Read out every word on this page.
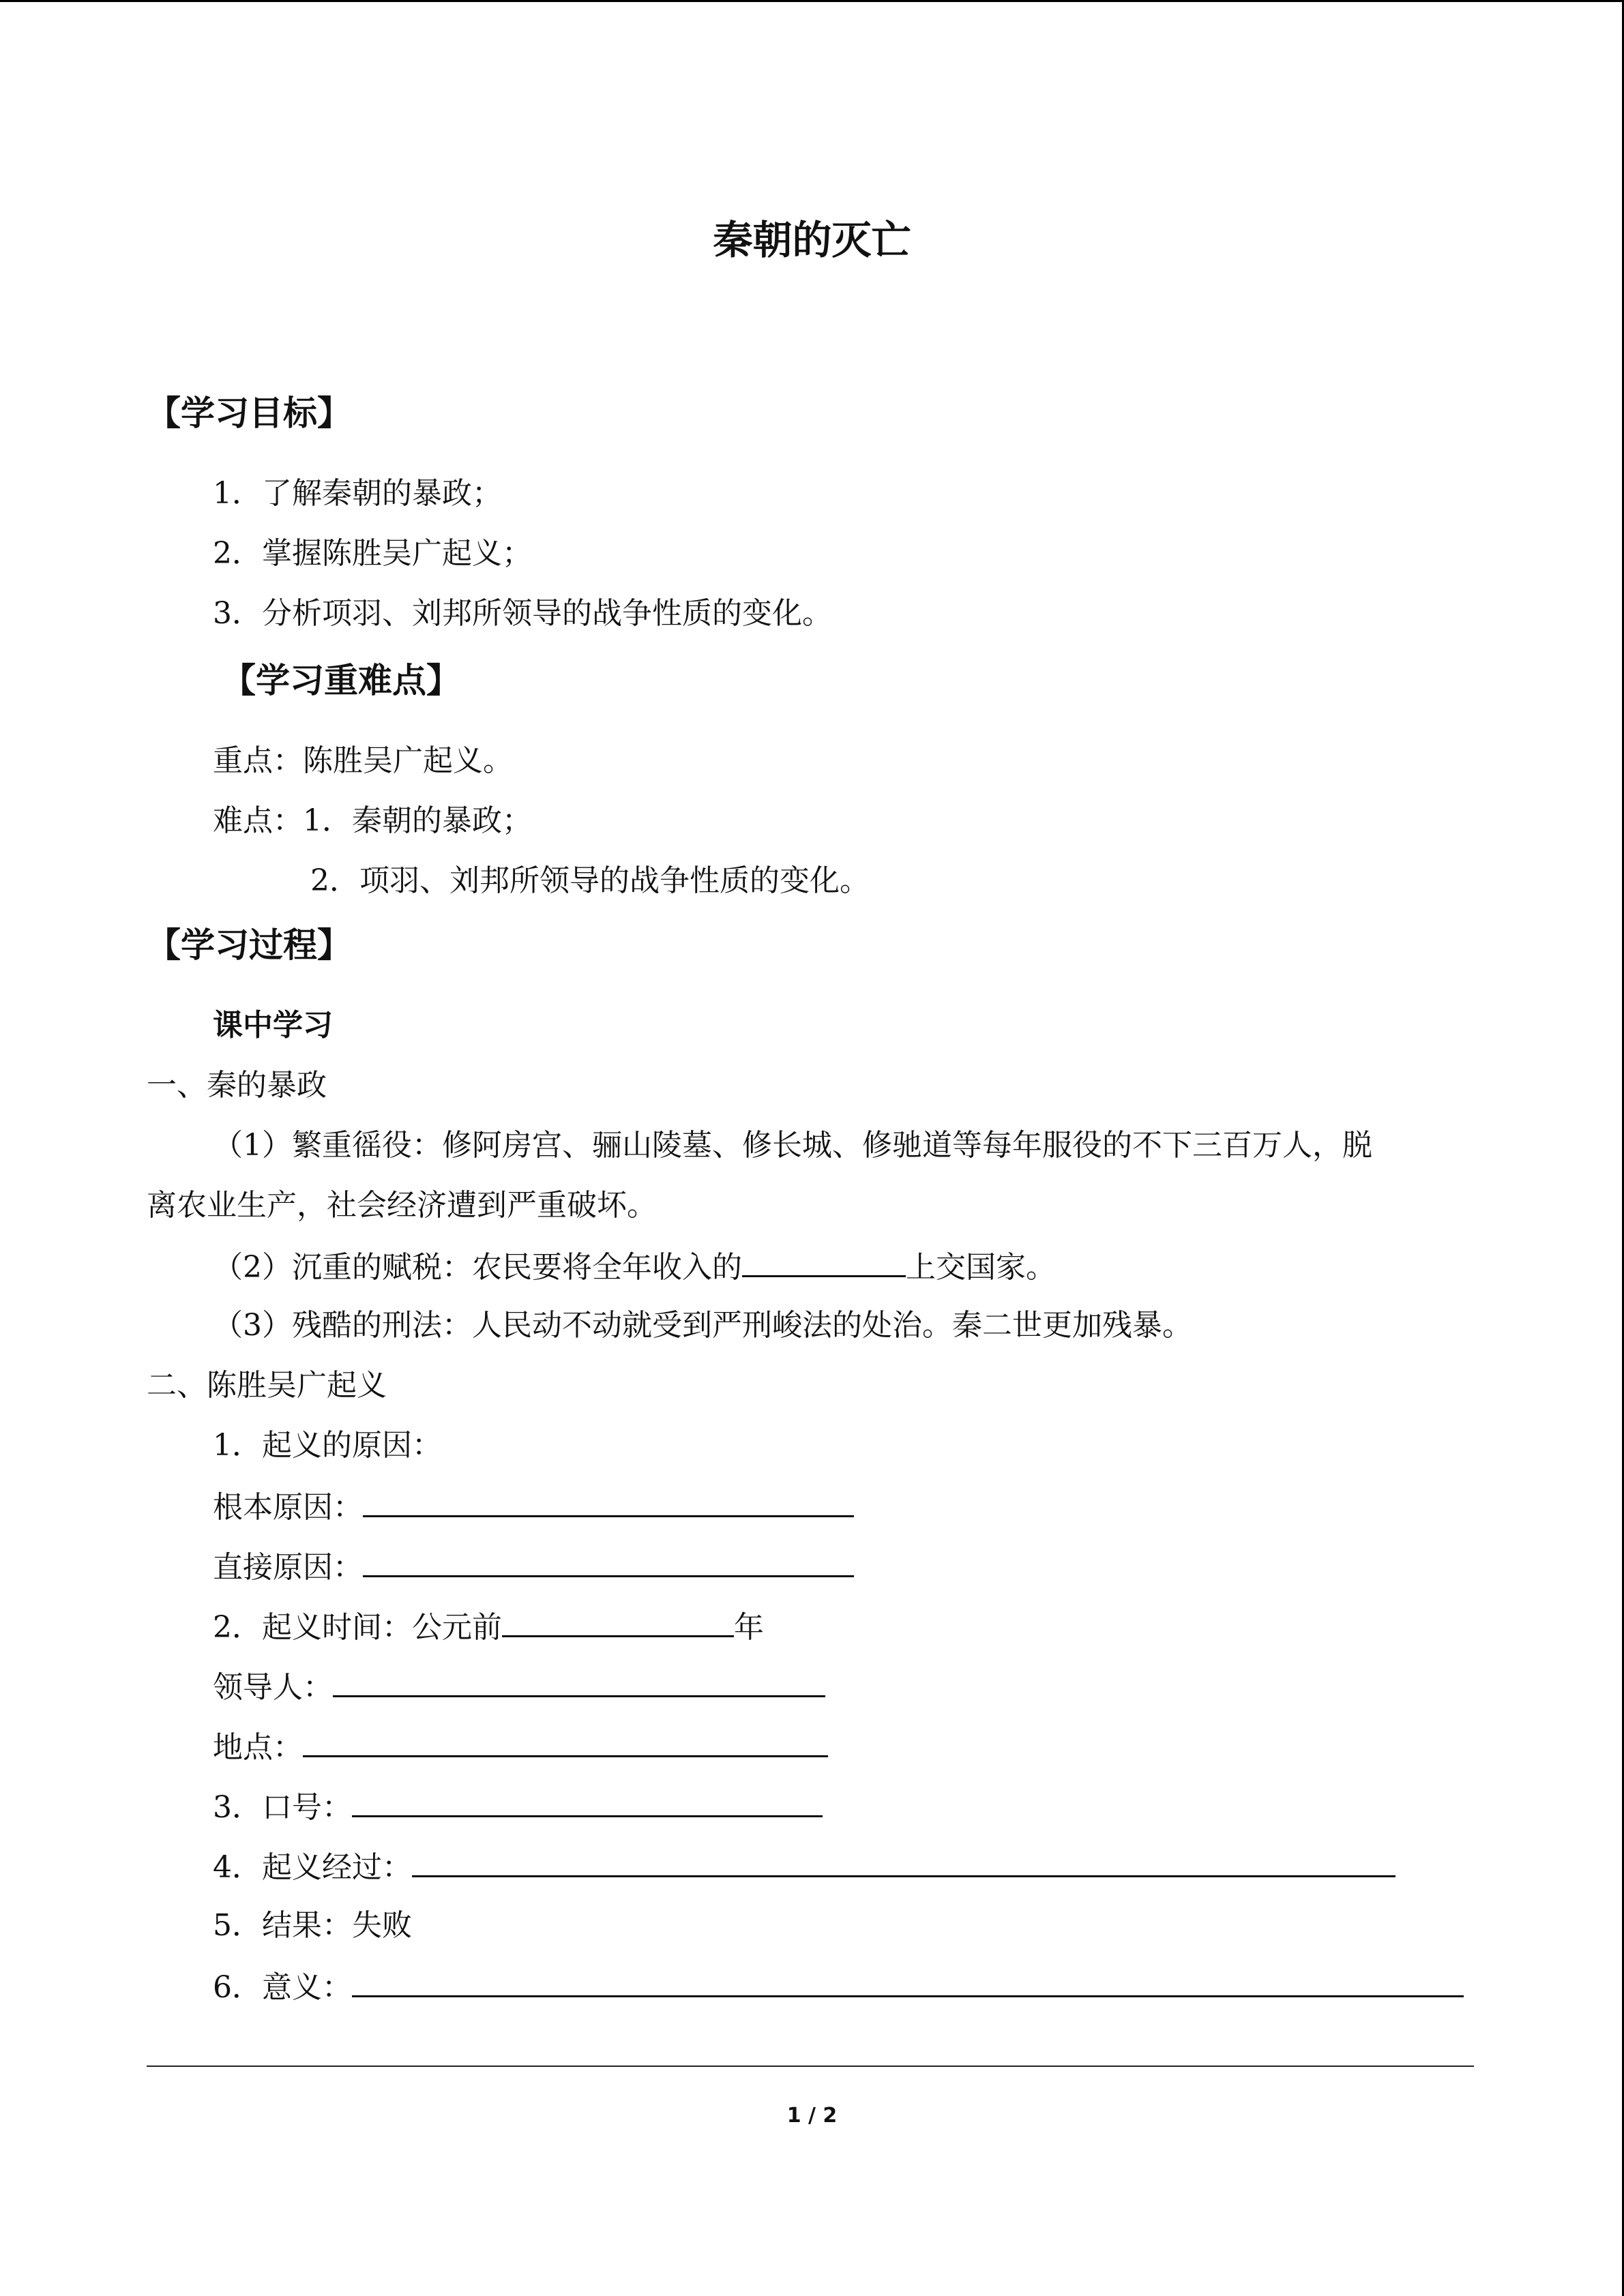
秦朝的灭亡
【学习目标】

1．了解秦朝的暴政；

2．掌握陈胜吴广起义；

3．分析项羽、刘邦所领导的战争性质的变化。

【学习重难点】

重点：陈胜吴广起义。

难点：1．秦朝的暴政；

2．项羽、刘邦所领导的战争性质的变化。

【学习过程】

课中学习

一、秦的暴政

（1）繁重徭役：修阿房宫、骊山陵墓、修长城、修驰道等每年服役的不下三百万人，脱

离农业生产，社会经济遭到严重破坏。

（2）沉重的赋税：农民要将全年收入的	上交国家。

（3）残酷的刑法：人民动不动就受到严刑峻法的处治。秦二世更加残暴。

二、陈胜吴广起义

1．起义的原因：

根本原因：

直接原因：

2．起义时间：公元前	年

领导人：

地点：

3．口号：

4．起义经过：

5．结果：失败

6．意义：

1 / 2
